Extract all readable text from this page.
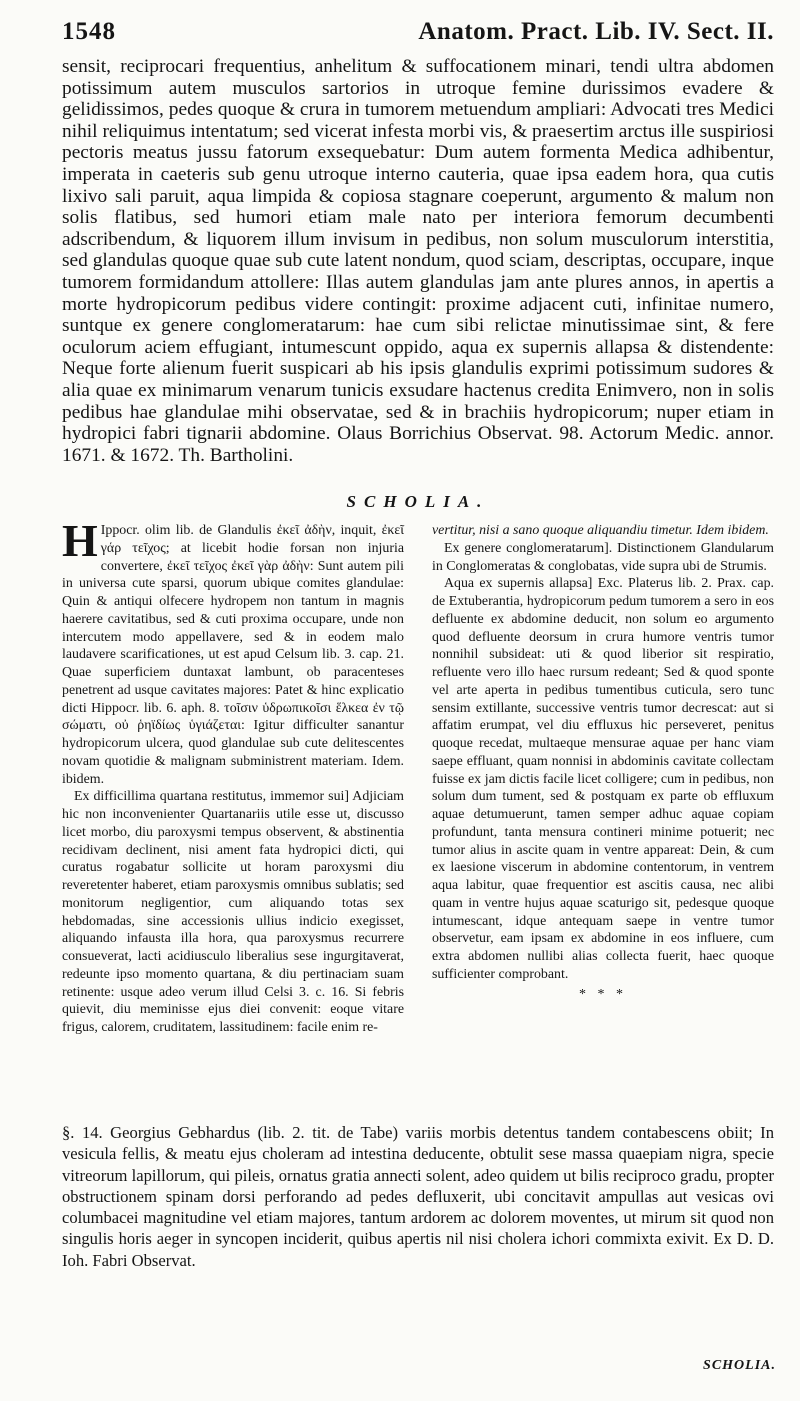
1548	Anatom. Pract. Lib. IV. Sect. II.
sensit, reciprocari frequentius, anhelitum & suffocationem minari, tendi ultra abdomen potissimum autem musculos sartorios in utroque femine durissimos evadere & gelidissimos, pedes quoque & crura in tumorem metuendum ampliari: Advocati tres Medici nihil reliquimus intentatum; sed vicerat infesta morbi vis, & praesertim arctus ille suspiriosi pectoris meatus jussu fatorum exsequebatur: Dum autem formenta Medica adhibentur, imperata in caeteris sub genu utroque interno cauteria, quae ipsa eadem hora, qua cutis lixivo sali paruit, aqua limpida & copiosa stagnare coeperunt, argumento & malum non solis flatibus, sed humori etiam male nato per interiora femorum decumbenti adscribendum, & liquorem illum invisum in pedibus, non solum musculorum interstitia, sed glandulas quoque quae sub cute latent nondum, quod sciam, descriptas, occupare, inque tumorem formidandum attollere: Illas autem glandulas jam ante plures annos, in apertis a morte hydropicorum pedibus videre contingit: proxime adjacent cuti, infinitae numero, suntque ex genere conglomeratarum: hae cum sibi relictae minutissimae sint, & fere oculorum aciem effugiant, intumescunt oppido, aqua ex supernis allapsa & distendente: Neque forte alienum fuerit suspicari ab his ipsis glandulis exprimi potissimum sudores & alia quae ex minimarum venarum tunicis exsudare hactenus credita Enimvero, non in solis pedibus hae glandulae mihi observatae, sed & in brachiis hydropicorum; nuper etiam in hydropici fabri tignarii abdomine. Olaus Borrichius Observat. 98. Actorum Medic. annor. 1671. & 1672. Th. Bartholini.
SCHOLIA.

H Ippocr. olim lib. de Glandulis ἐκεῖ ἀδὴν, inquit, ἐκεῖ γάρ τεῖχος; at licebit hodie forsan non injuria convertere, ἐκεῖ τεῖχος ἐκεῖ γὰρ ἀδὴν: Sunt autem pili in universa cute sparsi, quorum ubique comites glandulae: Quin & antiqui olfecere hydropem non tantum in magnis haerere cavitatibus, sed & cuti proxima occupare, unde non intercutem modo appellavere, sed & in eodem malo laudavere scarificationes, ut est apud Celsum lib. 3. cap. 21. Quae superficiem duntaxat lambunt, ob paracenteses penetrent ad usque cavitates majores: Patet & hinc explicatio dicti Hippocr. lib. 6. aph. 8. τοῖσιν ὑδρωπικοῖσι ἕλκεα ἐν τῷ σώματι, οὐ ῥηϊδίως ὑγιάζεται: Igitur difficulter sanantur hydropicorum ulcera, quod glandulae sub cute delitescentes novam quotidie & malignam subministrent materiam. Idem. ibidem.

Ex difficillima quartana restitutus, immemor sui] Adjiciam hic non inconvenienter Quartanariis utile esse ut, discusso licet morbo, diu paroxysmi tempus observent, & abstinentia recidivam declinent, nisi ament fata hydropici dicti, qui curatus rogabatur sollicite ut horam paroxysmi diu reveretenter haberet, etiam paroxysmis omnibus sublatis; sed monitorum negligentior, cum aliquando totas sex hebdomadas, sine accessionis ullius indicio exegisset, aliquando infausta illa hora, qua paroxysmus recurrere consueverat, lacti acidiusculo liberalius sese ingurgitaverat, redeunte ipso momento quartana, & diu pertinaciam suam retinente: usque adeo verum illud Celsi 3. c. 16. Si febris quievit, diu meminisse ejus diei convenit: eoque vitare frigus, calorem, cruditatem, lassitudinem: facile enim re-

vertitur, nisi a sano quoque aliquandiu timetur. Idem ibidem.

Ex genere conglomeratarum]. Distinctionem Glandularum in Conglomeratas & conglobatas, vide supra ubi de Strumis.

Aqua ex supernis allapsa] Exc. Platerus lib. 2. Prax. cap. de Extuberantia, hydropicorum pedum tumorem a sero in eos defluente ex abdomine deducit, non solum eo argumento quod defluente deorsum in crura humore ventris tumor nonnihil subsideat: uti & quod liberior sit respiratio, refluente vero illo haec rursum redeant; Sed & quod sponte vel arte aperta in pedibus tumentibus cuticula, sero tunc sensim extillante, successive ventris tumor decrescat: aut si affatim erumpat, vel diu effluxus hic perseveret, penitus quoque recedat, multaeque mensurae aquae per hanc viam saepe effluant, quam nonnisi in abdominis cavitate collectam fuisse ex jam dictis facile licet colligere; cum in pedibus, non solum dum tument, sed & postquam ex parte ob effluxum aquae detumuerunt, tamen semper adhuc aquae copiam profundunt, tanta mensura contineri minime potuerit; nec tumor alius in ascite quam in ventre appareat: Dein, & cum ex laesione viscerum in abdomine contentorum, in ventrem aqua labitur, quae frequentior est ascitis causa, nec alibi quam in ventre hujus aquae scaturigo sit, pedesque quoque intumescant, idque antequam saepe in ventre tumor observetur, eam ipsam ex abdomine in eos influere, cum extra abdomen nullibi alias collecta fuerit, haec quoque sufficienter comprobant.

* * *
§. 14. Georgius Gebhardus (lib. 2. tit. de Tabe) variis morbis detentus tandem contabescens obiit; In vesicula fellis, & meatu ejus choleram ad intestina deducente, obtulit sese massa quaepiam nigra, specie vitreorum lapillorum, qui pileis, ornatus gratia annecti solent, adeo quidem ut bilis reciproco gradu, propter obstructionem spinam dorsi perforando ad pedes defluxerit, ubi concitavit ampullas aut vesicas ovi columbacei magnitudine vel etiam majores, tantum ardorem ac dolorem moventes, ut mirum sit quod non singulis horis aeger in syncopen inciderit, quibus apertis nil nisi cholera ichori commixta exivit. Ex D. D. Ioh. Fabri Observat.
SCHOLIA.
